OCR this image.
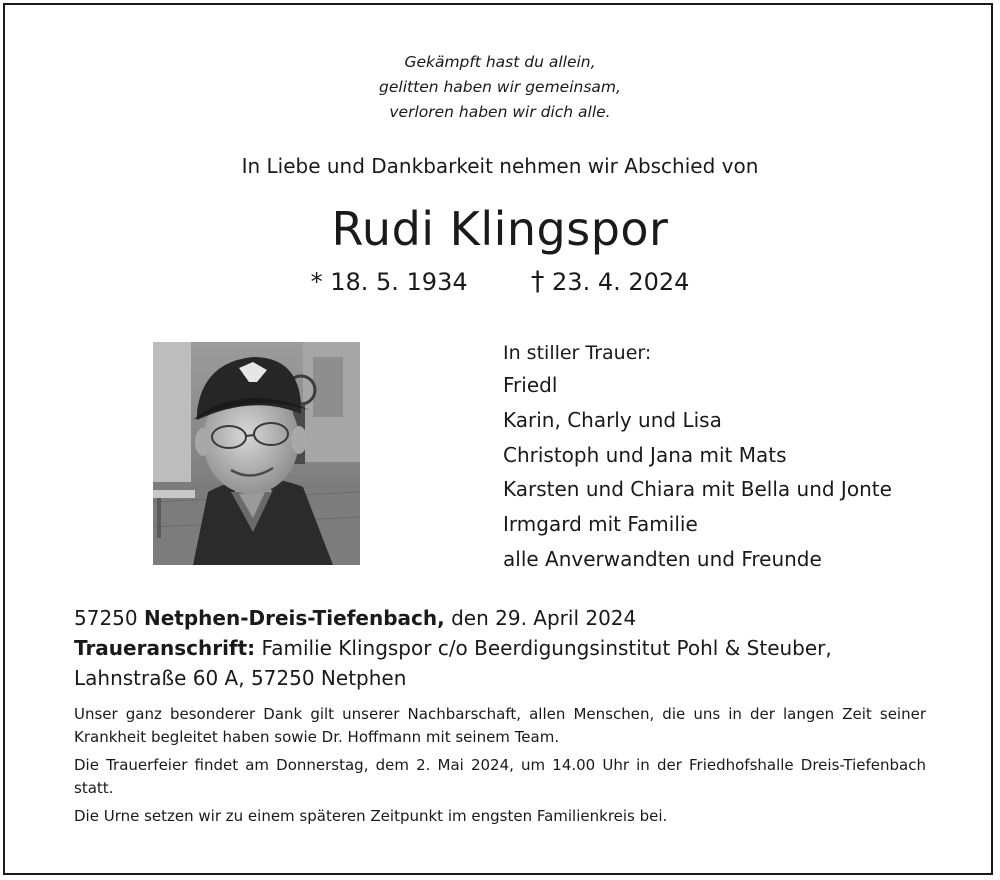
Gekämpft hast du allein,
gelitten haben wir gemeinsam,
verloren haben wir dich alle.
In Liebe und Dankbarkeit nehmen wir Abschied von
Rudi Klingspor
* 18. 5. 1934 † 23. 4. 2024
In stiller Trauer:
Friedl
Karin, Charly und Lisa
Christoph und Jana mit Mats
Karsten und Chiara mit Bella und Jonte
Irmgard mit Familie
alle Anverwandten und Freunde
57250 Netphen-Dreis-Tiefenbach, den 29. April 2024
Traueranschrift: Familie Klingspor c/o Beerdigungsinstitut Pohl & Steuber,
Lahnstraße 60 A, 57250 Netphen

Unser ganz besonderer Dank gilt unserer Nachbarschaft, allen Menschen, die uns in der langen Zeit seiner Krankheit begleitet haben sowie Dr. Hoffmann mit seinem Team.

Die Trauerfeier findet am Donnerstag, dem 2. Mai 2024, um 14.00 Uhr in der Friedhofshalle Dreis-Tiefenbach statt.

Die Urne setzen wir zu einem späteren Zeitpunkt im engsten Familienkreis bei.
